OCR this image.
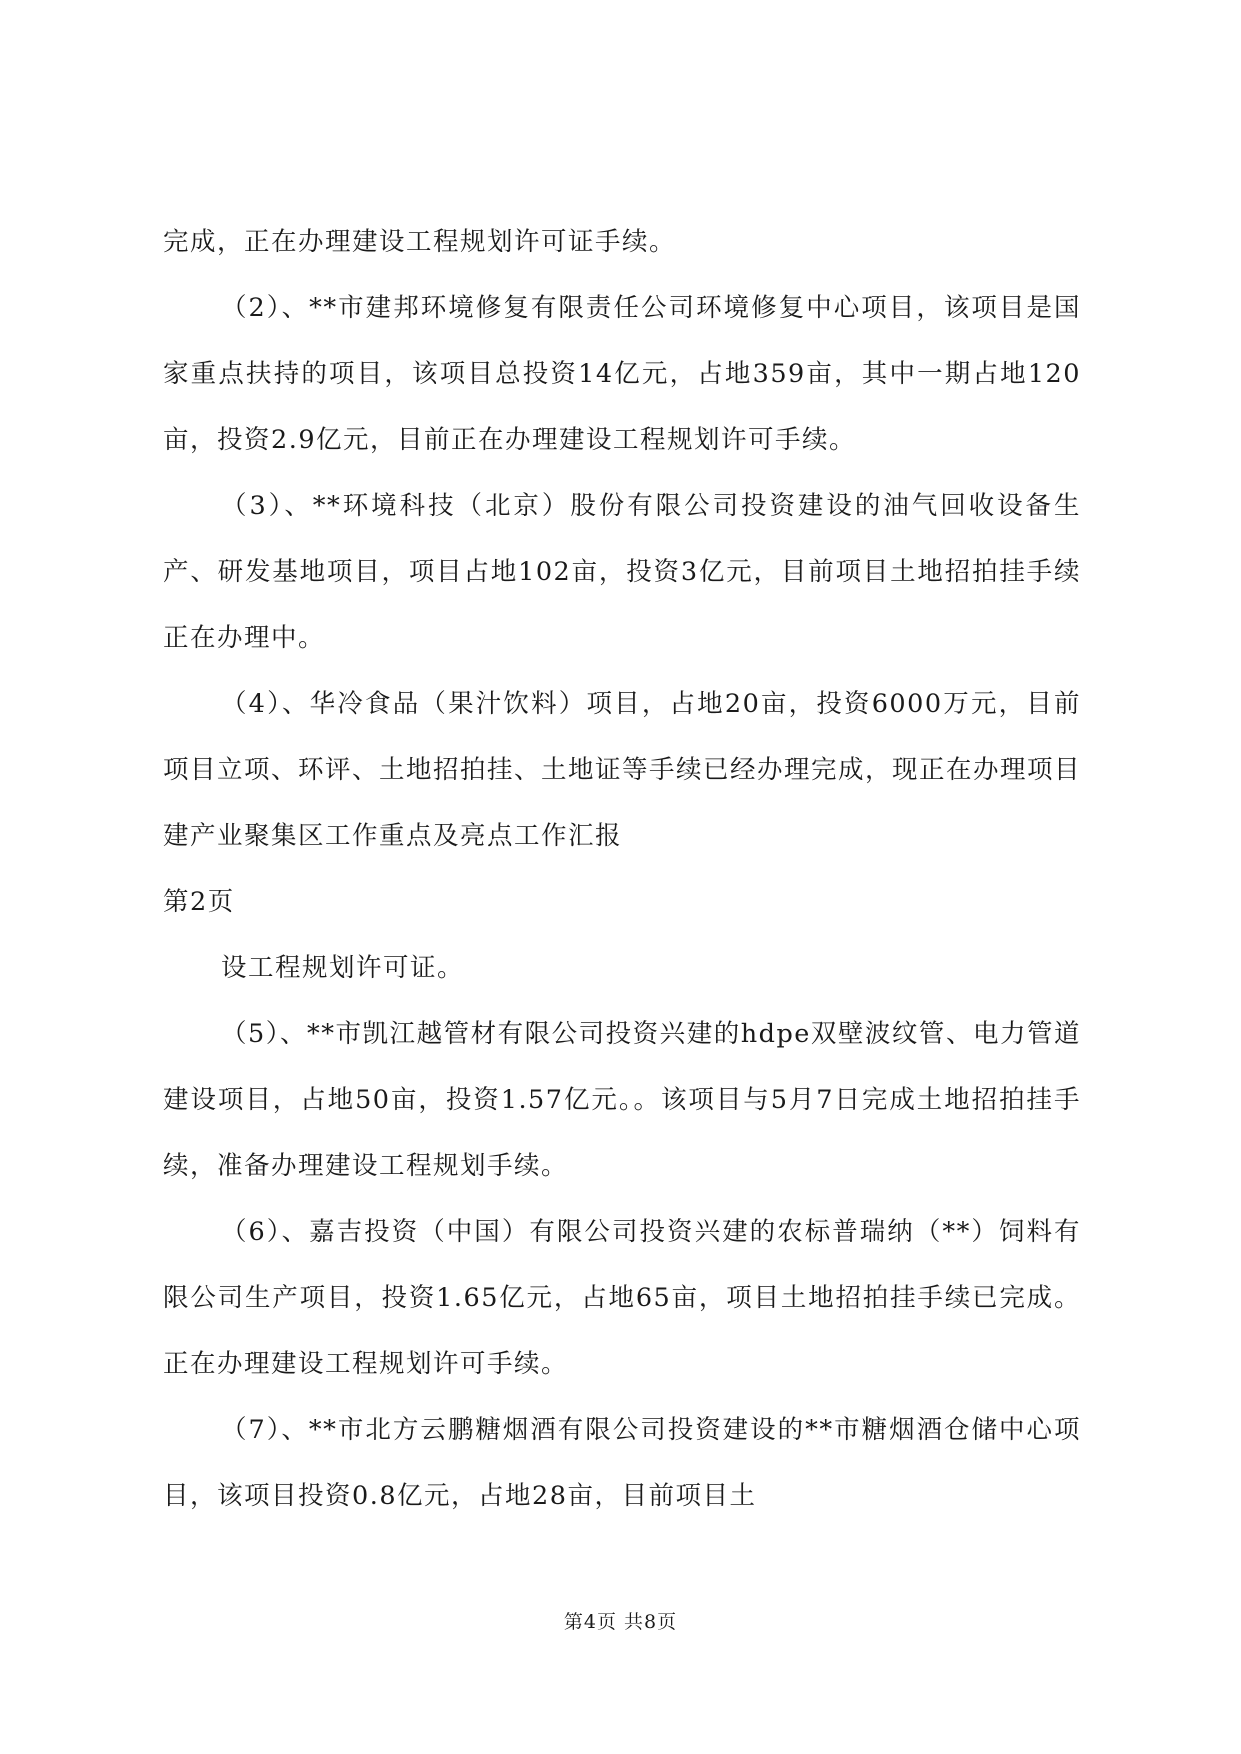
完成，正在办理建设工程规划许可证手续。

（2）、**市建邦环境修复有限责任公司环境修复中心项目，该项目是国家重点扶持的项目，该项目总投资14亿元，占地359亩，其中一期占地120亩，投资2.9亿元，目前正在办理建设工程规划许可手续。

（3）、**环境科技（北京）股份有限公司投资建设的油气回收设备生产、研发基地项目，项目占地102亩，投资3亿元，目前项目土地招拍挂手续正在办理中。

（4）、华冷食品（果汁饮料）项目，占地20亩，投资6000万元，目前项目立项、环评、土地招拍挂、土地证等手续已经办理完成，现正在办理项目建产业聚集区工作重点及亮点工作汇报

第2页

设工程规划许可证。

（5）、**市凯江越管材有限公司投资兴建的hdpe双壁波纹管、电力管道建设项目，占地50亩，投资1.57亿元。。该项目与5月7日完成土地招拍挂手续，准备办理建设工程规划手续。

（6）、嘉吉投资（中国）有限公司投资兴建的农标普瑞纳（**）饲料有限公司生产项目，投资1.65亿元，占地65亩，项目土地招拍挂手续已完成。正在办理建设工程规划许可手续。

（7）、**市北方云鹏糖烟酒有限公司投资建设的**市糖烟酒仓储中心项目，该项目投资0.8亿元，占地28亩，目前项目土

第4页 共8页
